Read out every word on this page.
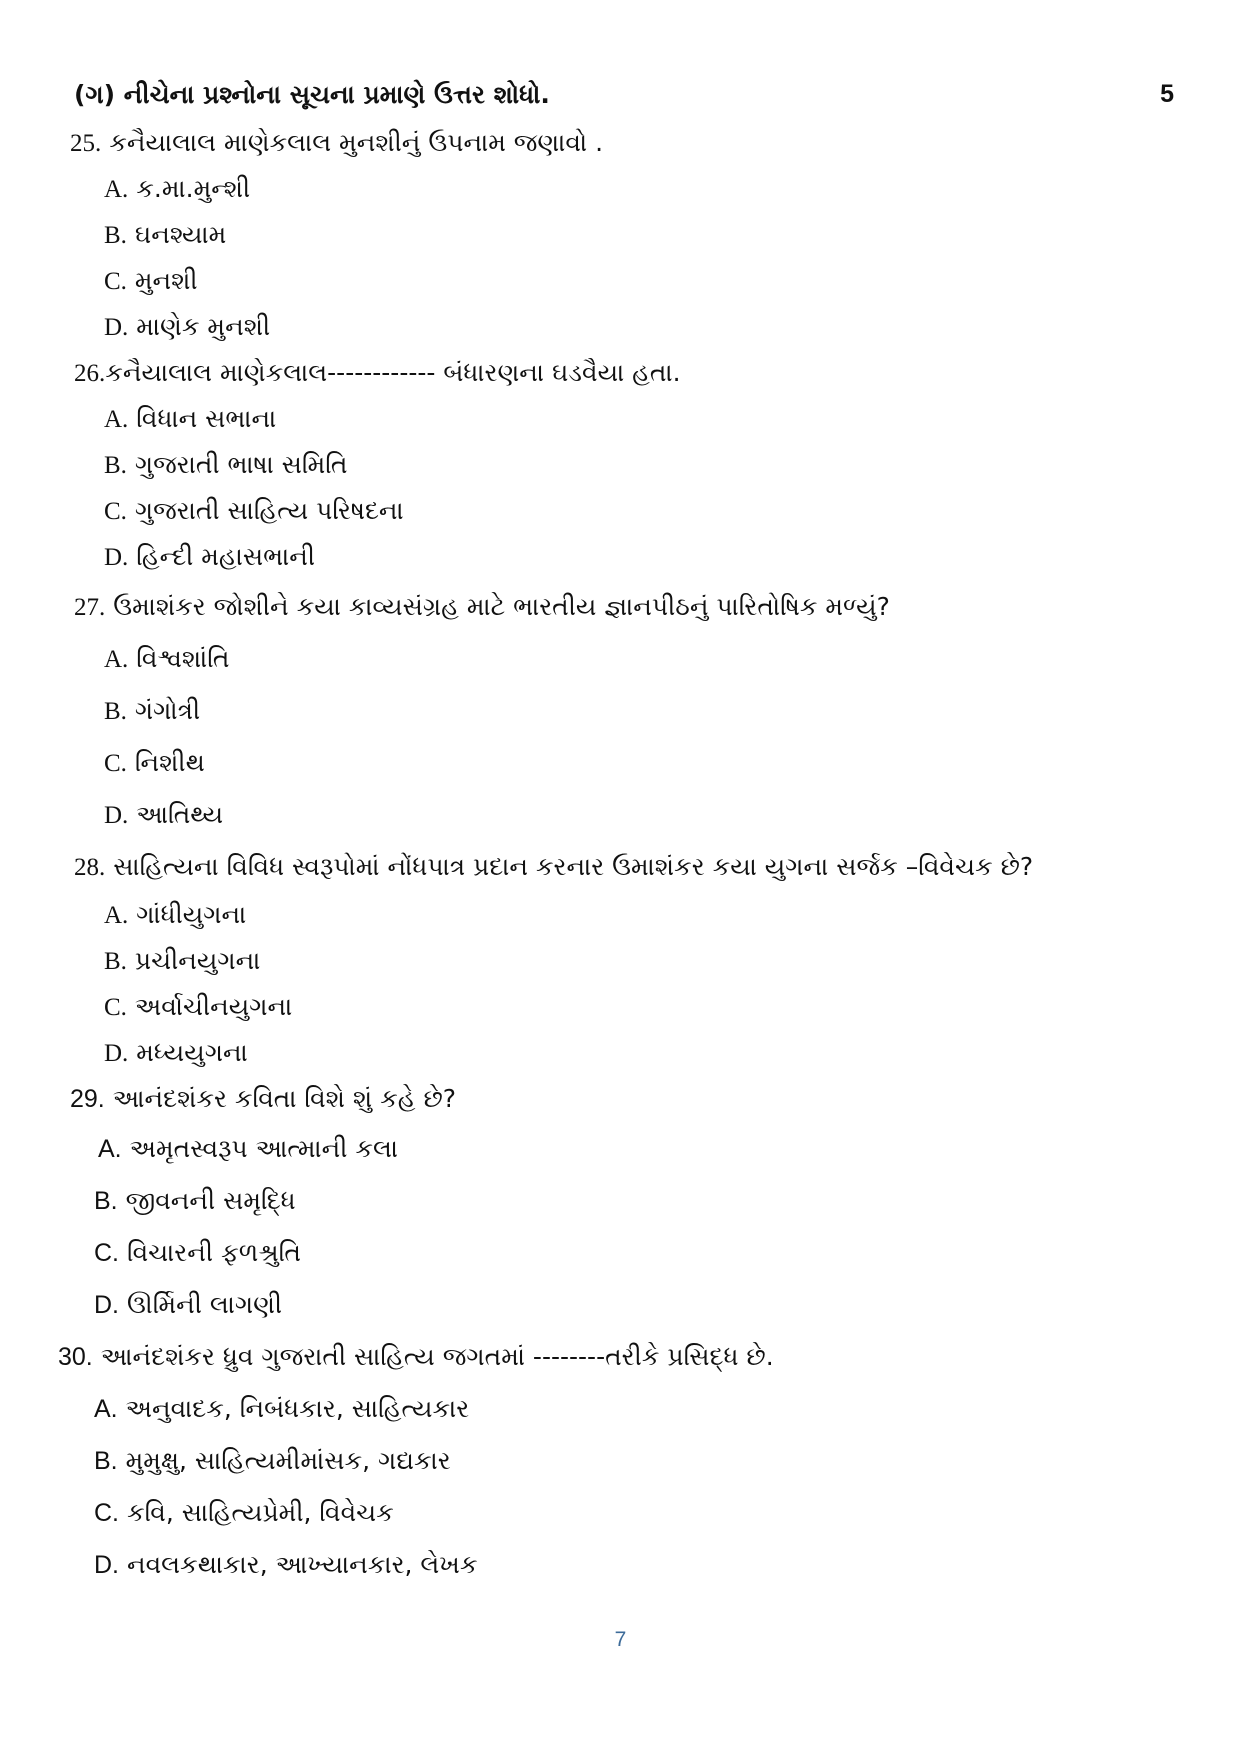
(ગ) નીચેના પ્રશ્નોના સૂચના પ્રમાણે ઉત્તર શોધો.	5
25. કનૈયાલાલ માણેકલાલ મુનશીનું ઉપનામ જણાવો .
A. ક.મા.મુન્શી
B. ઘનશ્યામ
C. મુનશી
D. માણેક મુનશી
26.કનૈયાલાલ માણેકલાલ------------ બંધારણના ઘડવૈયા હતા.
A. વિધાન સભાના
B. ગુજરાતી ભાષા સમિતિ
C. ગુજરાતી સાહિત્ય પરિષદના
D. હિન્દી મહાસભાની
27. ઉમાશંકર જોશીને કયા કાવ્યસંગ્રહ માટે ભારતીય જ્ઞાનપીઠનું પારિતોષિક મળ્યું?
A. વિશ્વશાંતિ
B. ગંગોત્રી
C. નિશીથ
D. આતિથ્ય
28. સાહિત્યના વિવિધ સ્વરૂપોમાં નોંધપાત્ર પ્રદાન કરનાર ઉમાશંકર કયા યુગના સર્જક –વિવેચક છે?
A. ગાંધીયુગના
B. પ્રચીનયુગના
C. અર્વાચીનયુગના
D. મધ્યયુગના
29. આનંદશંકર કવિતા વિશે શું કહે છે?
A. અમૃતસ્વરૂપ આત્માની કલા
B. જીવનની સમૃદ્ધિ
C. વિચારની ફળશ્રુતિ
D. ઊર્મિની લાગણી
30. આનંદશંકર ધ્રુવ ગુજરાતી સાહિત્ય જગતમાં --------તરીકે પ્રસિદ્ધ છે.
A. અનુવાદક, નિબંધકાર, સાહિત્યકાર
B. મુમુક્ષુ, સાહિત્યમીમાંસક, ગદ્યકાર
C. કવિ, સાહિત્યપ્રેમી, વિવેચક
D. નવલકથાકાર, આખ્યાનકાર, લેખક
7
